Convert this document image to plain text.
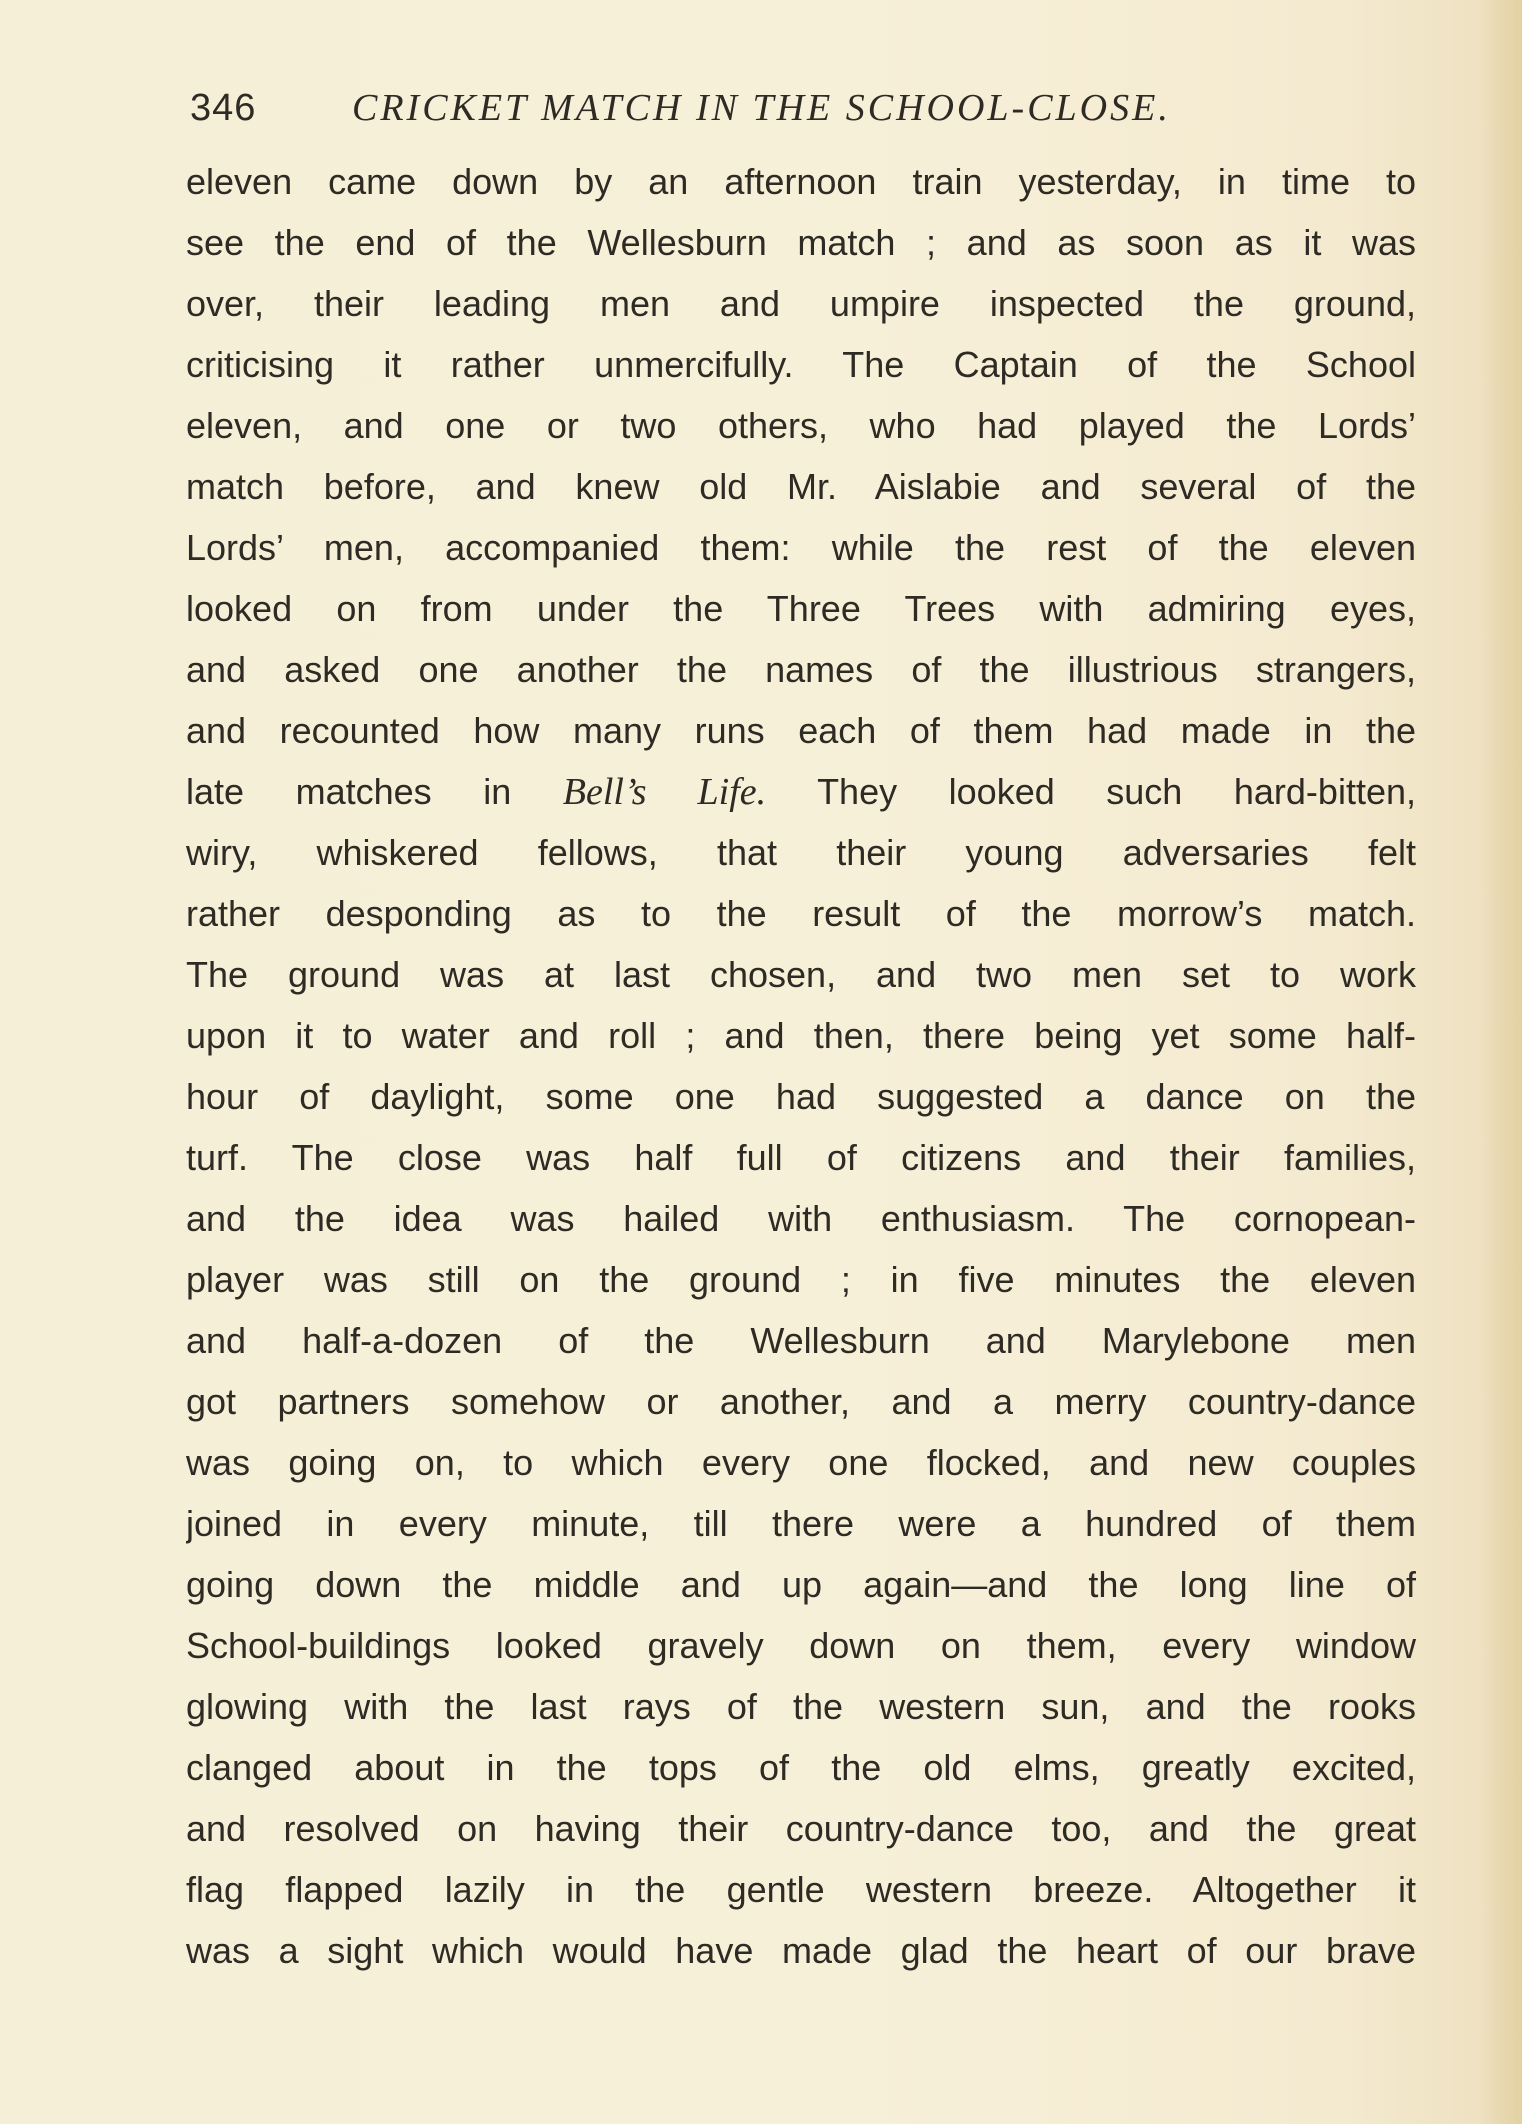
346	CRICKET MATCH IN THE SCHOOL-CLOSE.
eleven came down by an afternoon train yesterday, in time to
see the end of the Wellesburn match ; and as soon as it was
over, their leading men and umpire inspected the ground,
criticising it rather unmercifully. The Captain of the School
eleven, and one or two others, who had played the Lords’
match before, and knew old Mr. Aislabie and several of the
Lords’ men, accompanied them: while the rest of the eleven
looked on from under the Three Trees with admiring eyes,
and asked one another the names of the illustrious strangers,
and recounted how many runs each of them had made in the
late matches in Bell’s Life. They looked such hard-bitten,
wiry, whiskered fellows, that their young adversaries felt
rather desponding as to the result of the morrow’s match.
The ground was at last chosen, and two men set to work
upon it to water and roll ; and then, there being yet some half-
hour of daylight, some one had suggested a dance on the
turf. The close was half full of citizens and their families,
and the idea was hailed with enthusiasm. The cornopean-
player was still on the ground ; in five minutes the eleven
and half-a-dozen of the Wellesburn and Marylebone men
got partners somehow or another, and a merry country-dance
was going on, to which every one flocked, and new couples
joined in every minute, till there were a hundred of them
going down the middle and up again—and the long line of
School-buildings looked gravely down on them, every window
glowing with the last rays of the western sun, and the rooks
clanged about in the tops of the old elms, greatly excited,
and resolved on having their country-dance too, and the great
flag flapped lazily in the gentle western breeze. Altogether it
was a sight which would have made glad the heart of our brave
